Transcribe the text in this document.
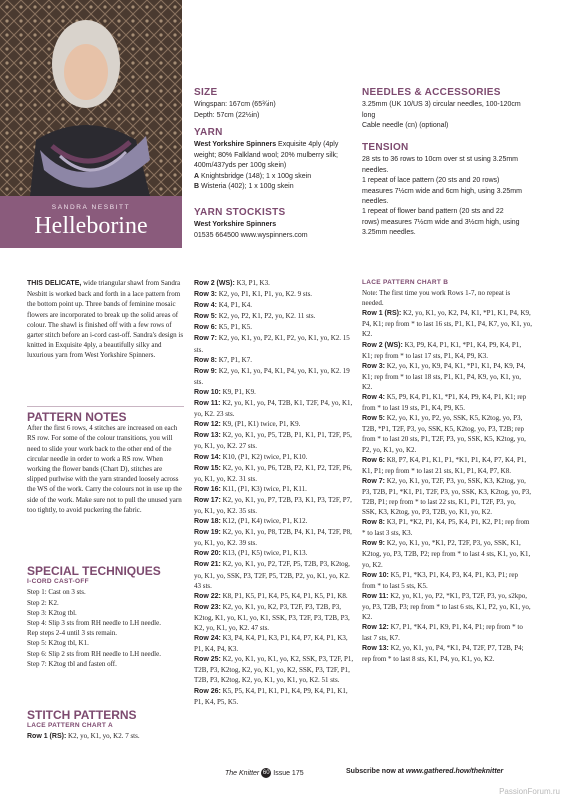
SANDRA NESBITT
Helleborine
SIZE

Wingspan: 167cm (65¾in)

Depth: 57cm (22½in)

YARN

West Yorkshire Spinners Exquisite 4ply (4ply weight; 80% Falkland wool; 20% mulberry silk; 400m/437yds per 100g skein)

A Knightsbridge (148); 1 x 100g skein

B Wisteria (402); 1 x 100g skein

YARN STOCKISTS

West Yorkshire Spinners

01535 664500 www.wyspinners.com

NEEDLES & ACCESSORIES

3.25mm (UK 10/US 3) circular needles, 100-120cm long

Cable needle (cn) (optional)

TENSION

28 sts to 36 rows to 10cm over st st using 3.25mm needles.

1 repeat of lace pattern (20 sts and 20 rows) measures 7½cm wide and 6cm high, using 3.25mm needles.

1 repeat of flower band pattern (20 sts and 22 rows) measures 7½cm wide and 3½cm high, using 3.25mm needles.

THIS DELICATE, wide triangular shawl from Sandra Nesbitt is worked back and forth in a lace pattern from the bottom point up. Three bands of feminine mosaic flowers are incorporated to break up the solid areas of colour. The shawl is finished off with a few rows of garter stitch before an i-cord cast-off. Sandra's design is knitted in Exquisite 4ply, a beautifully silky and luxurious yarn from West Yorkshire Spinners.
PATTERN NOTES

After the first 6 rows, 4 stitches are increased on each RS row. For some of the colour transitions, you will need to slide your work back to the other end of the circular needle in order to work a RS row. When working the flower bands (Chart D), stitches are slipped purlwise with the yarn stranded loosely across the WS of the work. Carry the colours not in use up the side of the work. Make sure not to pull the unused yarn too tightly, to avoid puckering the fabric.

SPECIAL TECHNIQUES
I-CORD CAST-OFF

Step 1: Cast on 3 sts.

Step 2: K2.

Step 3: K2tog tbl.

Step 4: Slip 3 sts from RH needle to LH needle.

Rep steps 2-4 until 3 sts remain.

Step 5: K2tog tbl, K1.

Step 6: Slip 2 sts from RH needle to LH needle.

Step 7: K2tog tbl and fasten off.

STITCH PATTERNS
LACE PATTERN CHART A

Row 1 (RS): K2, yo, K1, yo, K2. 7 sts.

Row 2 (WS): K3, P1, K3.

Row 3: K2, yo, P1, K1, P1, yo, K2. 9 sts.

Row 4: K4, P1, K4.

Row 5: K2, yo, P2, K1, P2, yo, K2. 11 sts.

Row 6: K5, P1, K5.

Row 7: K2, yo, K1, yo, P2, K1, P2, yo, K1, yo, K2. 15 sts.

Row 8: K7, P1, K7.

Row 9: K2, yo, K1, yo, P4, K1, P4, yo, K1, yo, K2. 19 sts.

Row 10: K9, P1, K9.

Row 11: K2, yo, K1, yo, P4, T2B, K1, T2F, P4, yo, K1, yo, K2. 23 sts.

Row 12: K9, (P1, K1) twice, P1, K9.

Row 13: K2, yo, K1, yo, P5, T2B, P1, K1, P1, T2F, P5, yo, K1, yo, K2. 27 sts.

Row 14: K10, (P1, K2) twice, P1, K10.

Row 15: K2, yo, K1, yo, P6, T2B, P2, K1, P2, T2F, P6, yo, K1, yo, K2. 31 sts.

Row 16: K11, (P1, K3) twice, P1, K11.

Row 17: K2, yo, K1, yo, P7, T2B, P3, K1, P3, T2F, P7, yo, K1, yo, K2. 35 sts.

Row 18: K12, (P1, K4) twice, P1, K12.

Row 19: K2, yo, K1, yo, P8, T2B, P4, K1, P4, T2F, P8, yo, K1, yo, K2. 39 sts.

Row 20: K13, (P1, K5) twice, P1, K13.

Row 21: K2, yo, K1, yo, P2, T2F, P5, T2B, P3, K2tog, yo, K1, yo, SSK, P3, T2F, P5, T2B, P2, yo, K1, yo, K2. 43 sts.

Row 22: K8, P1, K5, P1, K4, P5, K4, P1, K5, P1, K8.

Row 23: K2, yo, K1, yo, K2, P3, T2F, P3, T2B, P3, K2tog, K1, yo, K1, yo, K1, SSK, P3, T2F, P3, T2B, P3, K2, yo, K1, yo, K2. 47 sts.

Row 24: K3, P4, K4, P1, K3, P1, K4, P7, K4, P1, K3, P1, K4, P4, K3.

Row 25: K2, yo, K1, yo, K1, yo, K2, SSK, P3, T2F, P1, T2B, P3, K2tog, K2, yo, K1, yo, K2, SSK, P3, T2F, P1, T2B, P3, K2tog, K2, yo, K1, yo, K1, yo, K2. 51 sts.

Row 26: K5, P5, K4, P1, K1, P1, K4, P9, K4, P1, K1, P1, K4, P5, K5.

LACE PATTERN CHART B

Note: The first time you work Rows 1-7, no repeat is needed.

Row 1 (RS): K2, yo, K1, yo, K2, P4, K1, *P1, K1, P4, K9, P4, K1; rep from * to last 16 sts, P1, K1, P4, K7, yo, K1, yo, K2.

Row 2 (WS): K3, P9, K4, P1, K1, *P1, K4, P9, K4, P1, K1; rep from * to last 17 sts, P1, K4, P9, K3.

Row 3: K2, yo, K1, yo, K9, P4, K1, *P1, K1, P4, K9, P4, K1; rep from * to last 18 sts, P1, K1, P4, K9, yo, K1, yo, K2.

Row 4: K5, P9, K4, P1, K1, *P1, K4, P9, K4, P1, K1; rep from * to last 19 sts, P1, K4, P9, K5.

Row 5: K2, yo, K1, yo, P2, yo, SSK, K5, K2tog, yo, P3, T2B, *P1, T2F, P3, yo, SSK, K5, K2tog, yo, P3, T2B; rep from * to last 20 sts, P1, T2F, P3, yo, SSK, K5, K2tog, yo, P2, yo, K1, yo, K2.

Row 6: K8, P7, K4, P1, K1, P1, *K1, P1, K4, P7, K4, P1, K1, P1; rep from * to last 21 sts, K1, P1, K4, P7, K8.

Row 7: K2, yo, K1, yo, T2F, P3, yo, SSK, K3, K2tog, yo, P3, T2B, P1, *K1, P1, T2F, P3, yo, SSK, K3, K2tog, yo, P3, T2B, P1; rep from * to last 22 sts, K1, P1, T2F, P3, yo, SSK, K3, K2tog, yo, P3, T2B, yo, K1, yo, K2.

Row 8: K3, P1, *K2, P1, K4, P5, K4, P1, K2, P1; rep from * to last 3 sts, K3.

Row 9: K2, yo, K1, yo, *K1, P2, T2F, P3, yo, SSK, K1, K2tog, yo, P3, T2B, P2; rep from * to last 4 sts, K1, yo, K1, yo, K2.

Row 10: K5, P1, *K3, P1, K4, P3, K4, P1, K3, P1; rep from * to last 5 sts, K5.

Row 11: K2, yo, K1, yo, P2, *K1, P3, T2F, P3, yo, s2kpo, yo, P3, T2B, P3; rep from * to last 6 sts, K1, P2, yo, K1, yo, K2.

Row 12: K7, P1, *K4, P1, K9, P1, K4, P1; rep from * to last 7 sts, K7.

Row 13: K2, yo, K1, yo, P4, *K1, P4, T2F, P7, T2B, P4; rep from * to last 8 sts, K1, P4, yo, K1, yo, K2.

The Knitter 60 Issue 175	Subscribe now at www.gathered.how/theknitter
PassionForum.ru
